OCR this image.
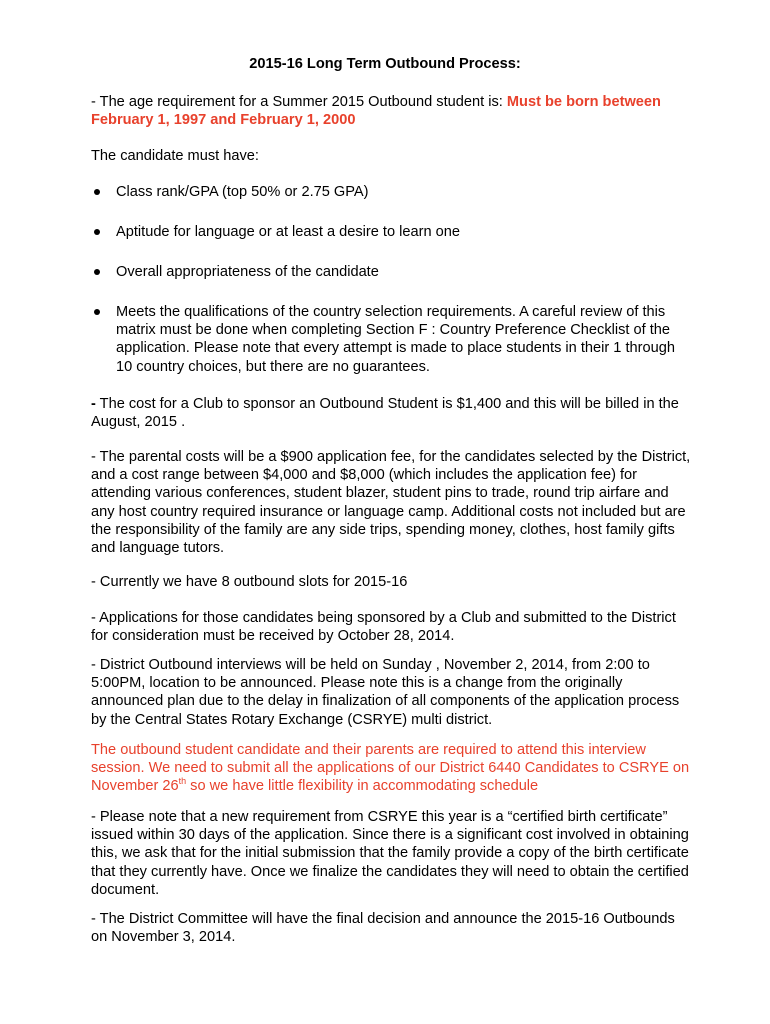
2015-16 Long Term Outbound Process:

- The age requirement for a Summer 2015 Outbound student is: Must be born between February 1, 1997 and February 1, 2000

The candidate must have:

Class rank/GPA (top 50% or 2.75 GPA)
Aptitude for language or at least a desire to learn one
Overall appropriateness of the candidate
Meets the qualifications of the country selection requirements. A careful review of this matrix must be done when completing Section F : Country Preference Checklist of the application. Please note that every attempt is made to place students in their 1 through 10 country choices, but there are no guarantees.

- The cost for a Club to sponsor an Outbound Student is $1,400 and this will be billed in the August, 2015 .

- The parental costs will be a $900 application fee, for the candidates selected by the District, and a cost range between $4,000 and $8,000 (which includes the application fee) for attending various conferences, student blazer, student pins to trade, round trip airfare and any host country required insurance or language camp. Additional costs not included but are the responsibility of the family are any side trips, spending money, clothes, host family gifts and language tutors.

- Currently we have 8 outbound slots for 2015-16

- Applications for those candidates being sponsored by a Club and submitted to the District for consideration must be received by October 28, 2014.

- District Outbound interviews will be held on Sunday , November 2, 2014, from 2:00 to 5:00PM, location to be announced. Please note this is a change from the originally announced plan due to the delay in finalization of all components of the application process by the Central States Rotary Exchange (CSRYE) multi district.

The outbound student candidate and their parents are required to attend this interview session. We need to submit all the applications of our District 6440 Candidates to CSRYE on November 26th so we have little flexibility in accommodating schedule

- Please note that a new requirement from CSRYE this year is a “certified birth certificate” issued within 30 days of the application. Since there is a significant cost involved in obtaining this, we ask that for the initial submission that the family provide a copy of the birth certificate that they currently have. Once we finalize the candidates they will need to obtain the certified document.

- The District Committee will have the final decision and announce the 2015-16 Outbounds on November 3, 2014.
